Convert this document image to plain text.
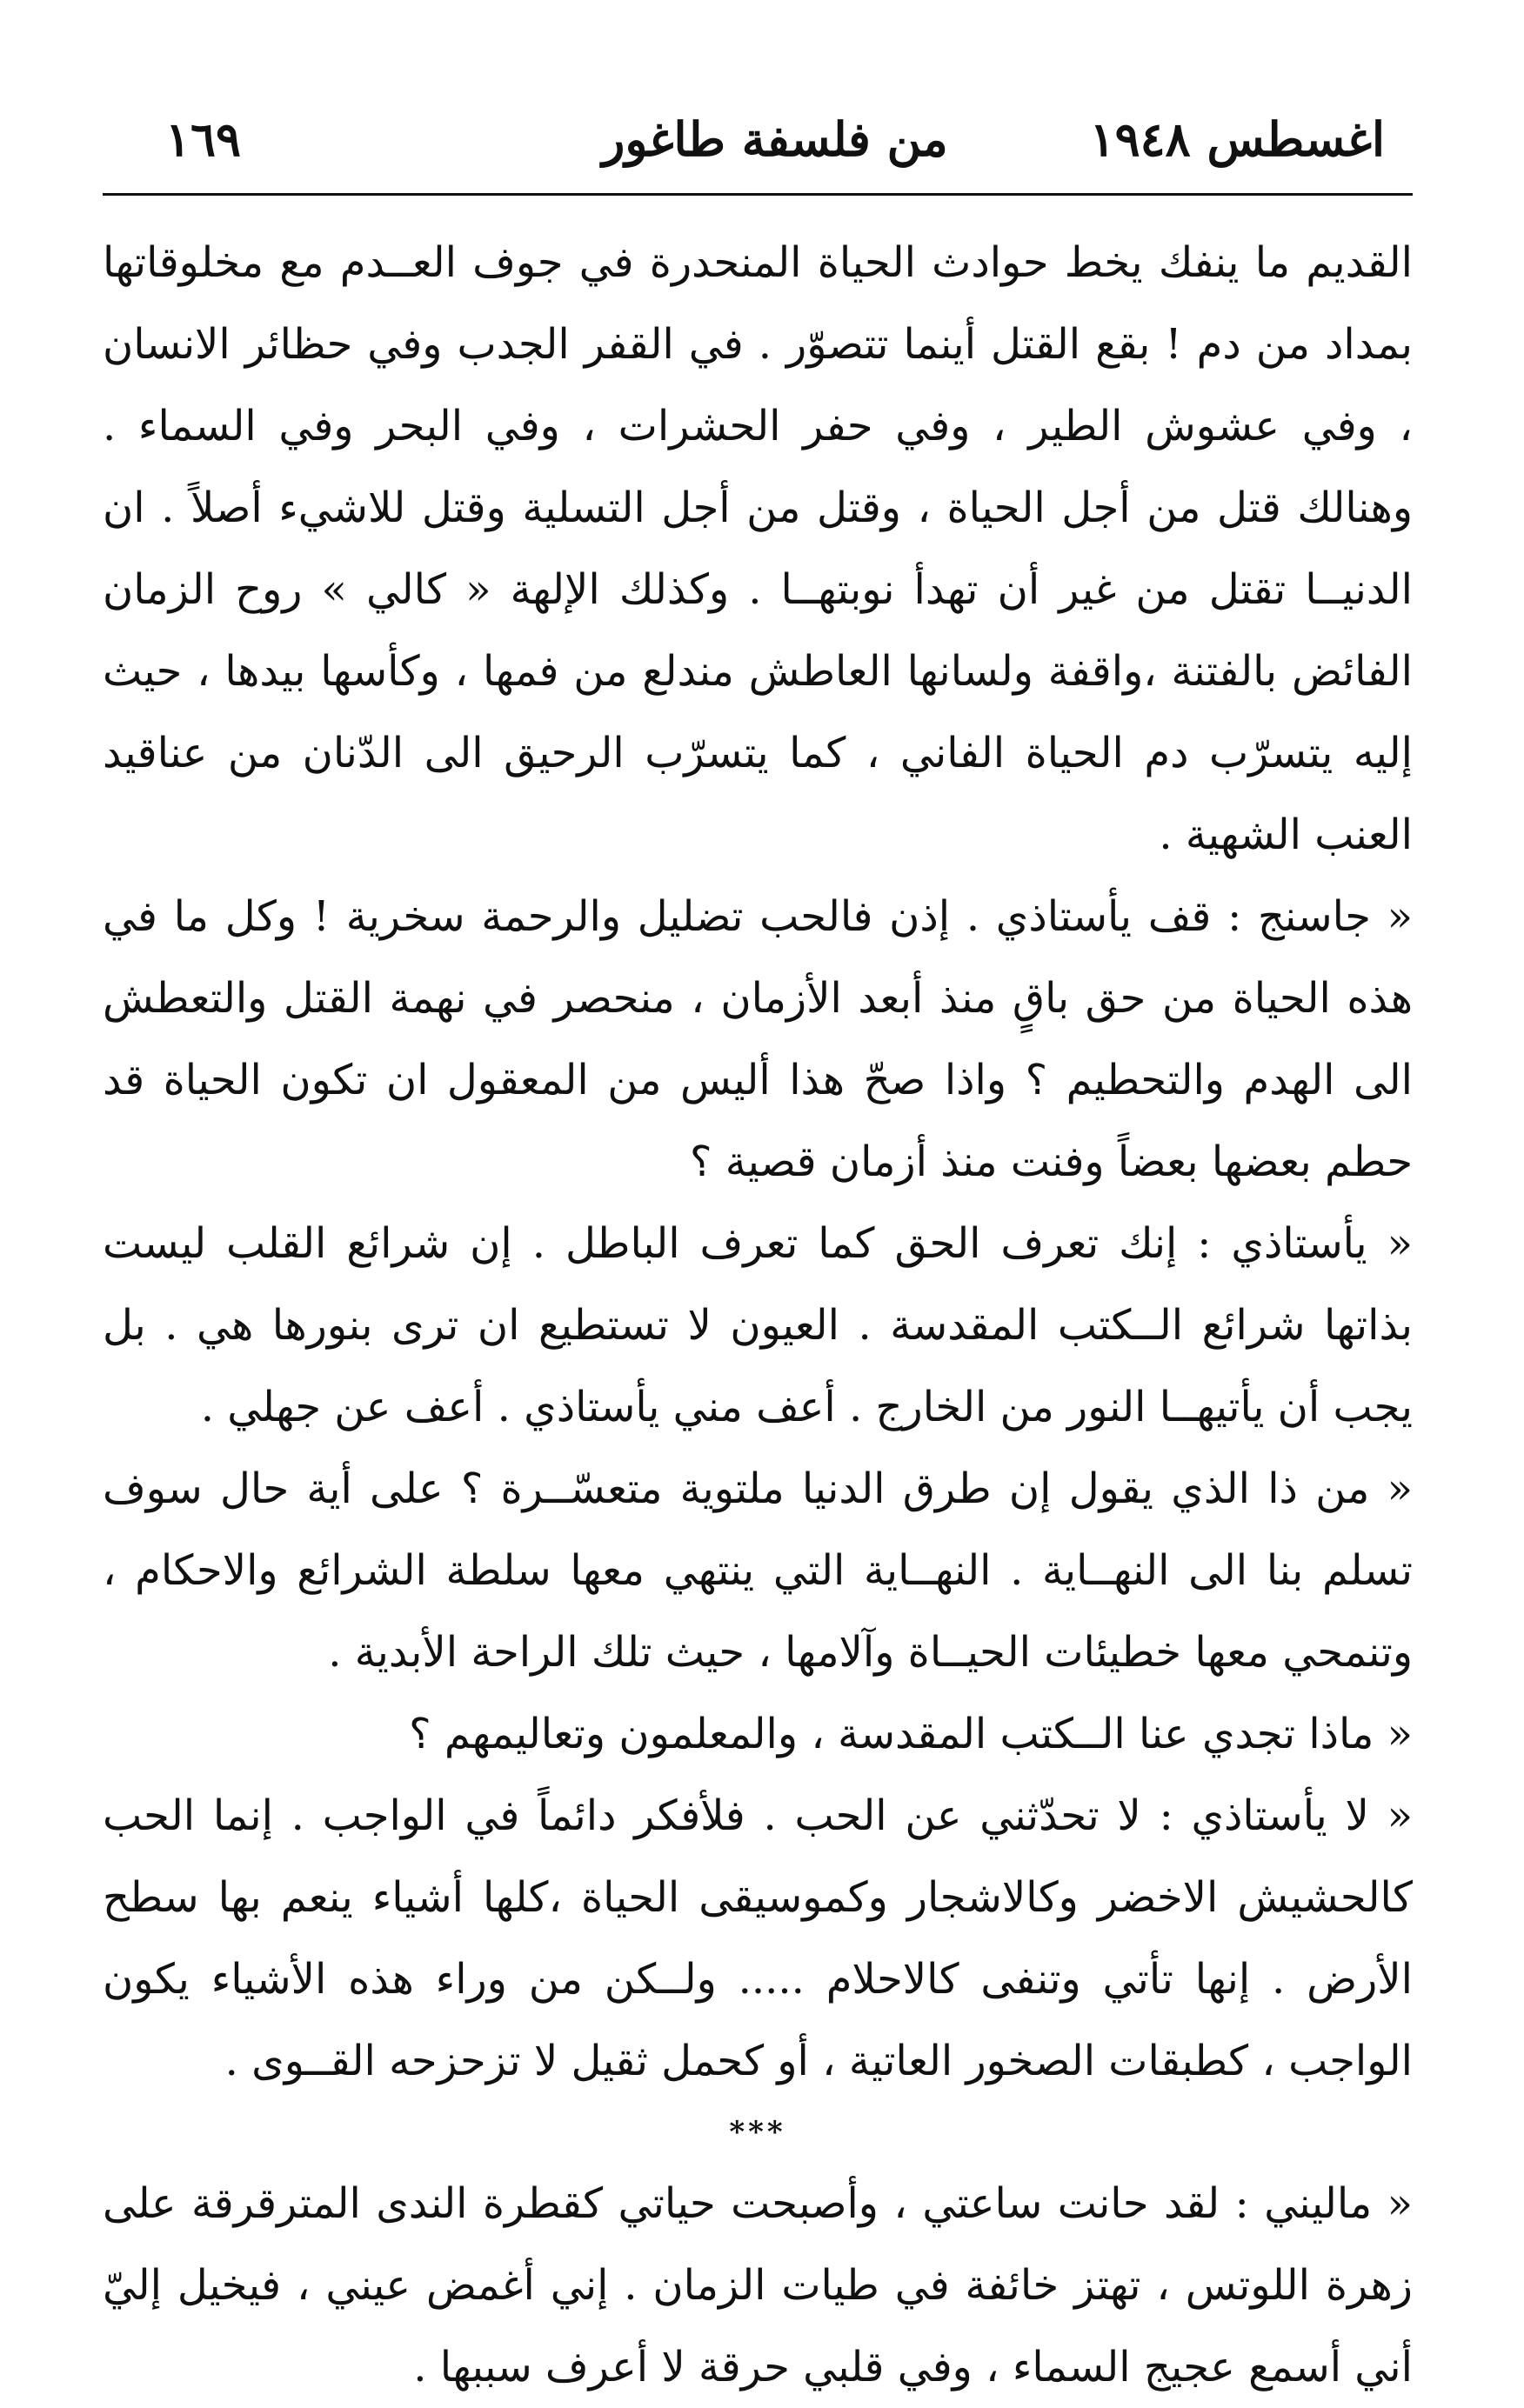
اغسطس ١٩٤٨
من فلسفة طاغور
١٦٩

القديم ما ينفك يخط حوادث الحياة المنحدرة في جوف العــدم مع مخلوقاتها بمداد من دم ! بقع القتل أينما تتصوّر . في القفر الجدب وفي حظائر الانسان ، وفي عشوش الطير ، وفي حفر الحشرات ، وفي البحر وفي السماء . وهنالك قتل من أجل الحياة ، وقتل من أجل التسلية وقتل للاشيء أصلاً . ان الدنيــا تقتل من غير أن تهدأ نوبتهــا . وكذلك الإلهة « كالي » روح الزمان الفائض بالفتنة ،واقفة ولسانها العاطش مندلع من فمها ، وكأسها بيدها ، حيث إليه يتسرّب دم الحياة الفاني ، كما يتسرّب الرحيق الى الدّنان من عناقيد العنب الشهية .

« جاسنج : قف يأستاذي . إذن فالحب تضليل والرحمة سخرية ! وكل ما في هذه الحياة من حق باقٍ منذ أبعد الأزمان ، منحصر في نهمة القتل والتعطش الى الهدم والتحطيم ؟ واذا صحّ هذا أليس من المعقول ان تكون الحياة قد حطم بعضها بعضاً وفنت منذ أزمان قصية ؟

« يأستاذي : إنك تعرف الحق كما تعرف الباطل . إن شرائع القلب ليست بذاتها شرائع الــكتب المقدسة . العيون لا تستطيع ان ترى بنورها هي . بل يجب أن يأتيهــا النور من الخارج . أعف مني يأستاذي . أعف عن جهلي .

« من ذا الذي يقول إن طرق الدنيا ملتوية متعسّــرة ؟ على أية حال سوف تسلم بنا الى النهــاية . النهــاية التي ينتهي معها سلطة الشرائع والاحكام ، وتنمحي معها خطيئات الحيــاة وآلامها ، حيث تلك الراحة الأبدية .

« ماذا تجدي عنا الــكتب المقدسة ، والمعلمون وتعاليمهم ؟

« لا يأستاذي : لا تحدّثني عن الحب . فلأفكر دائماً في الواجب . إنما الحب كالحشيش الاخضر وكالاشجار وكموسيقى الحياة ،كلها أشياء ينعم بها سطح الأرض . إنها تأتي وتنفى كالاحلام ..... ولــكن من وراء هذه الأشياء يكون الواجب ، كطبقات الصخور العاتية ، أو كحمل ثقيل لا تزحزحه القــوى .

***

« ماليني : لقد حانت ساعتي ، وأصبحت حياتي كقطرة الندى المترقرقة على زهرة اللوتس ، تهتز خائفة في طيات الزمان . إني أغمض عيني ، فيخيل إليّ أني أسمع عجيج السماء ، وفي قلبي حرقة لا أعرف سببها .
